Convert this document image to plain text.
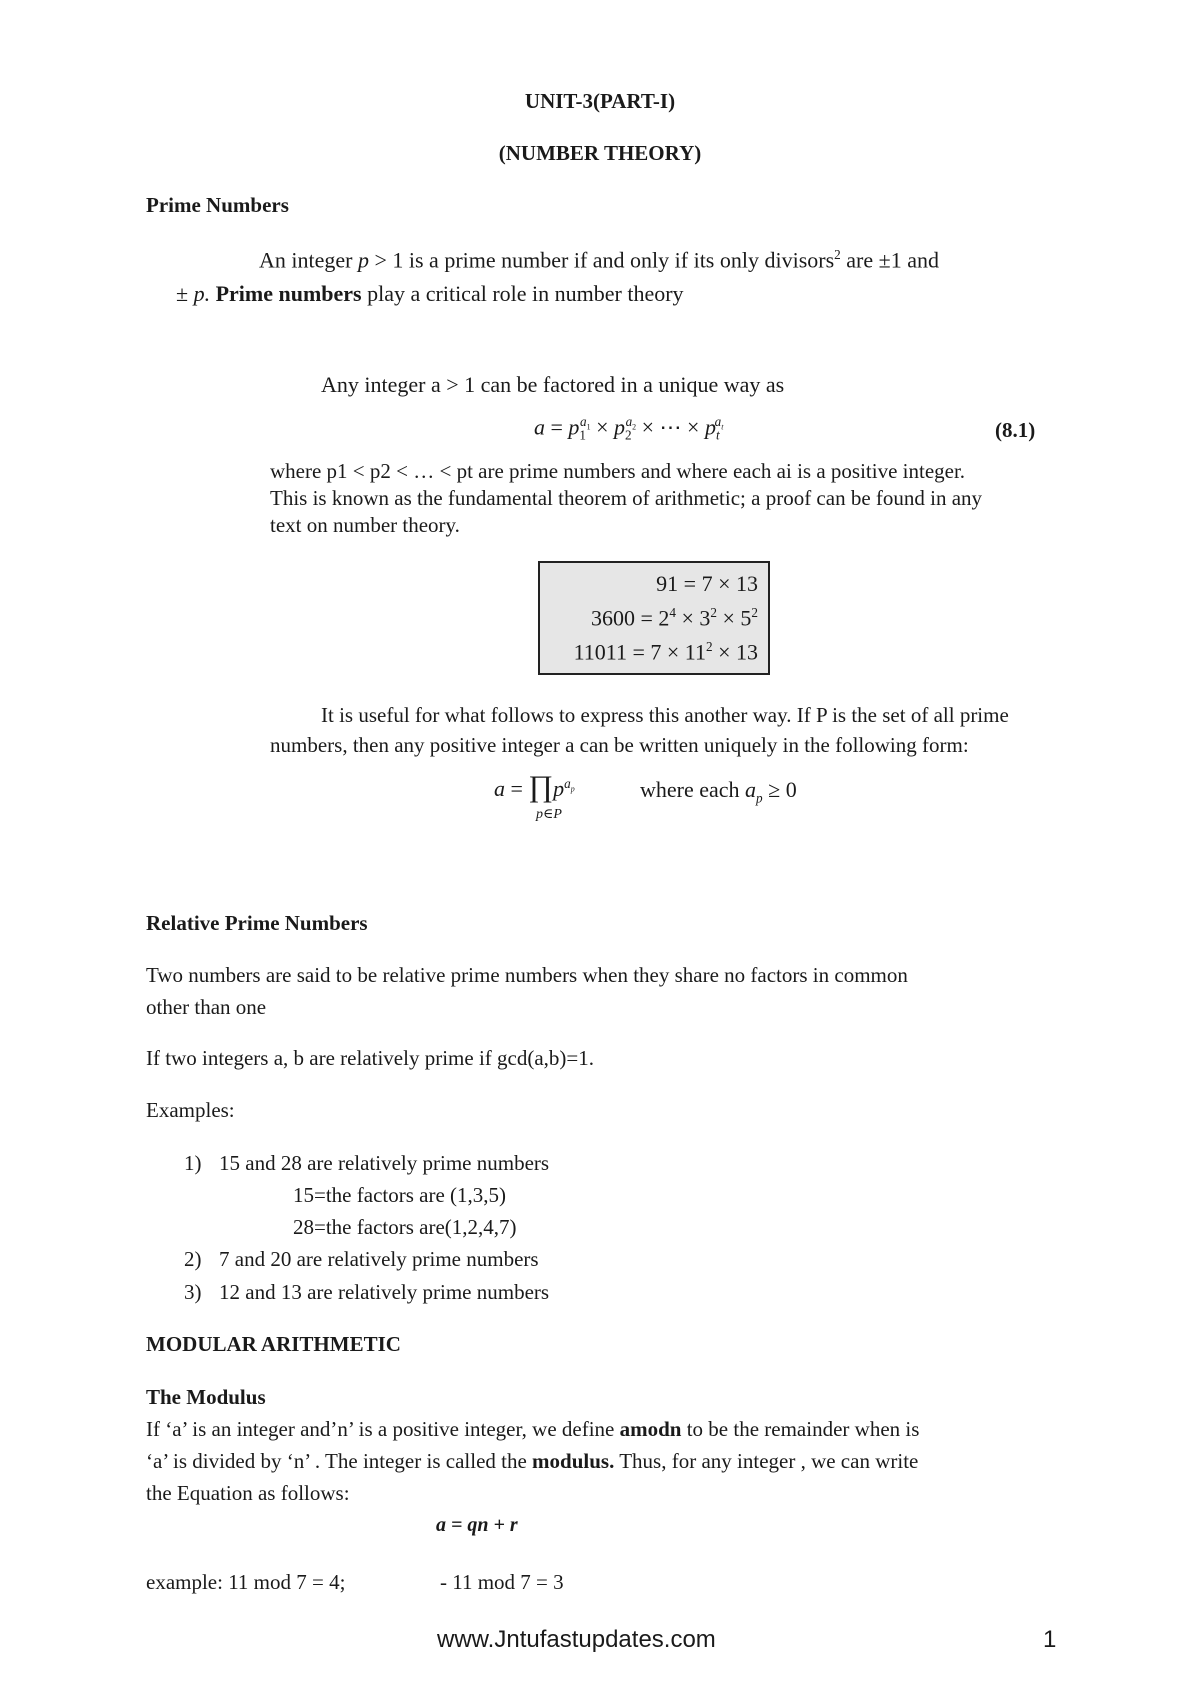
UNIT-3(PART-I)
(NUMBER THEORY)
Prime Numbers
An integer p > 1 is a prime number if and only if its only divisors$^2$ are ±1 and
± p. Prime numbers play a critical role in number theory
Any integer a > 1 can be factored in a unique way as
$a = p_1^{a_1} \times p_2^{a_2}$ × ⋯ × $p_t^{a_t}$	(8.1)
where p1 < p2 < … < pt are prime numbers and where each ai is a positive integer.
This is known as the fundamental theorem of arithmetic; a proof can be found in any
text on number theory.
91 = 7 × 13
$3600 = 2^4 \times 3^2 \times 5^2$
$11011 = 7 \times 11^2 \times 13$
It is useful for what follows to express this another way. If P is the set of all prime
numbers, then any positive integer a can be written uniquely in the following form:
$a = \prod p^{a_p}$
p∈P
where each $a_p \ge 0$
Relative Prime Numbers
Two numbers are said to be relative prime numbers when they share no factors in common
other than one
If two integers a, b are relatively prime if gcd(a,b)=1.
Examples:
1) 15 and 28 are relatively prime numbers
15=the factors are (1,3,5)
28=the factors are(1,2,4,7)
2) 7 and 20 are relatively prime numbers
3) 12 and 13 are relatively prime numbers
MODULAR ARITHMETIC
The Modulus
If ‘a’ is an integer and’n’ is a positive integer, we define amodn to be the remainder when is
‘a’ is divided by ‘n’ . The integer is called the modulus. Thus, for any integer , we can write
the Equation as follows:
a = qn + r
example: 11 mod 7 = 4;	- 11 mod 7 = 3
www.Jntufastupdates.com	1
